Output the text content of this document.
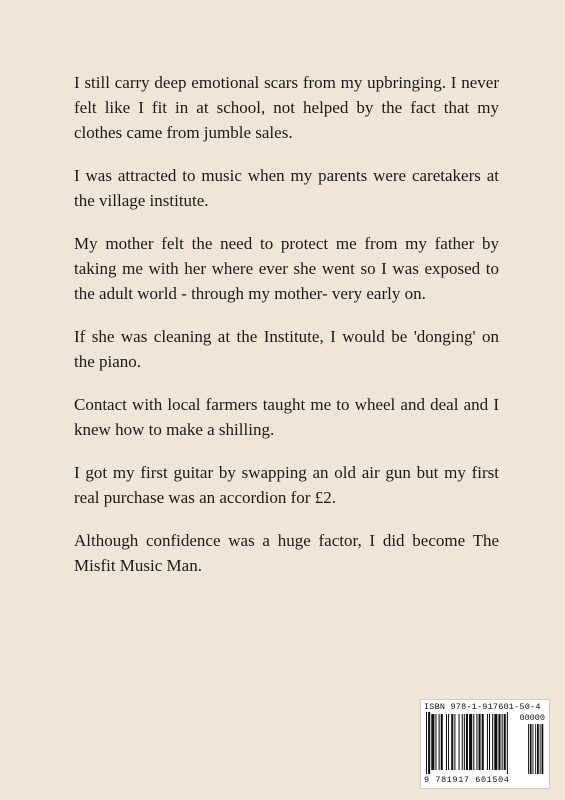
I still carry deep emotional scars from my upbringing. I never felt like I fit in at school, not helped by the fact that my clothes came from jumble sales.

I was attracted to music when my parents were caretakers at the village institute.

My mother felt the need to protect me from my father by taking me with her where ever she went so I was exposed to the adult world - through my mother- very early on.

If she was cleaning at the Institute, I would be 'donging' on the piano.

Contact with local farmers taught me to wheel and deal and I knew how to make a shilling.

I got my first guitar by swapping an old air gun but my first real purchase was an accordion for £2.

Although confidence was a huge factor, I did become The Misfit Music Man.

ISBN 978-1-917601-50-4
00000
9 781917 601504
